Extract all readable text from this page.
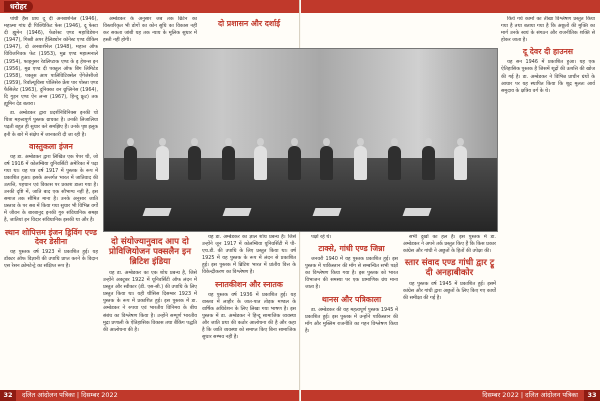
धरोहर

पांची हैंस प्राय दू दी अनबार्शनेल (1946), महात्मा गांध दी पिक्चिकिट फेस (1946), दू फेस्टा दी ह्युमेन (1946), फेडरेस्ट एण्ड महाविडेशन (1947), गिब्बी अपर हैलिड्योन कॉनेस्ट एण्ड वीकिम (1947), दो अनबार्शनेल (1948), महात्त ऑफ विविजनिवक फेट (1953), मुब्र एण्ड महात्मनाले (1954), फाइनुसर रेडलिप्टाक एण्ड के इ हेशन्स इन (1956), मुब्र एण्ड दी पक्तूल ऑफ बिंग लिमिटेड (1958), पक्तूस आप पालिविटिक्सेल ऐंगेजेसीजो (1959), रिवॉल्यूविसा पोलिसेरु फ्रेंश पार पोस्ता एण्ड फैसिलेट (1963), दुनिक्का वन ग्रुप्लिनेस (1964), दि गुड़न एण्ड ऐन लन्स (1967), हिन्दू फ्रूट) तक ह्यूमिन देड बतारा।

डा. अम्बेडकर द्वारा प्रदर्शनिविनिक्स इनकी चो चित्रा महत्त्वपूर्ण पुस्तक ग्राचका है। उनकी लिजालिया पढ़ती बहुत ही सुधार करे समझिए हैं। उनके पृष्ठ इलूक इनी के बारे में संक्षेप में जानकारी दी जा रही है।

वास्तुकला इंजन

यह डा. अम्बेडकर द्वारा लिखित एक पेपर थी, जो वर्ष 1916 में कोलम्बिया युनिवर्सिटी अमेरिका में पढ़ा गया था। यह पत्र वर्ष 1917 में पुस्तक के रूप में प्रकाशित हुआ। इसके अन्तर्गत भारत में जातिवाद की उत्पत्ति, पहचान एवं विकास पर प्रकाश डाला गया है। उनकी दृष्टि में, जाति बाद एक सौभाग्य नहीं है, इस समाज तक सीमित माना है। उनके अनुसार जाति प्रस्ताव के पर सब में किया गया सुधार भी विभिन्न वर्गों में जीवन के बारबानुद इनकी गुरु संविधानिक समझ है, जातियां इन विदार संविधानिक इसकी था और है।

स्थान शोपित्तम इंजन ड्रिविंग एण्ड देवर डेसीना

यह पुस्तक वर्ष 1923 में प्रकाशित हुई। यह डॉक्टर ऑफ विज्ञानी की उपाधि प्राप्त करने के विदान एस रेसन क्रोमटेन्ट्रे का संक्षिप्त रूप है।

अम्बेडकर के अनुसार जब तक ब्रिटेन का विस्तारिकृत भी डोगों का कोन सुधि का विकास नहीं कर सकता जांबी यह तक न्याय के मूलिक सुधार में हस्ती नहीं होगी।

दो संयोज्यानुवाद आप दो प्रोविजियोजन पक्सलैन इन ब्रिटिश इंडिया

यह डा. अम्बेडकर का एक शोध प्रबन्ध है, जिसे उन्होंने अक्टूबर 1922 में यूनिवर्सिटी ऑफ लंदन में प्रस्तुत और स्वीकार (डी. एस-सी.) की उपाधि के लिए प्रस्तुत किया था। यही थीसिस दिसम्बर 1923 में पुस्तक के रूप में प्रकाशित हुई। इस पुस्तक में डा. अम्बेडकर ने रुपया एवं भारतीय विनिमय के बीच संबंध का विश्लेषण किया है। उन्होंने सम्पूर्ण भारतीय मुद्रा प्रणाली के ऐतिहासिक विकास तथा बैंकिंग पद्धति की आलोचना की है।

दो प्रशासन और दर्शाई

यह डा. अम्बेडकर का ज्ञाल शोध प्रबन्ध है। जिसे उन्होंने जून 1917 में कोलम्बिया यूनिवर्सिटी में पी-एच.डी. की उपाधि के लिए प्रस्तुत किया था। वर्ष 1925 में यह पुस्तक के रूप में लंदन से प्रकाशित हुई। इस पुस्तक में ब्रिटिश भारत में प्रांतीय वित्त के विकेन्द्रीकरण का विश्लेषण है।

स्नातकीशन और स्नातक

यह पुस्तक वर्ष 1936 में प्रकाशित हुई। यह वास्तव में लाहौर के जात-पात तोड़क मण्डल के वार्षिक अधिवेशन के लिए लिखा गया भाषण है। इस पुस्तक में डा. अम्बेडकर ने हिन्दू सामाजिक व्यवस्था और जाति प्रथा की कठोर आलोचना की है और कहा है कि जाति व्यवस्था को समाप्त किए बिना सामाजिक सुधार सम्भव नहीं है।

पक्षों रहे थे।

टाक्से, गांधी एण्ड जिन्ना

जनवरी 1940 में यह पुस्तक प्रकाशित हुई। इस पुस्तक में पाकिस्तान की माँग से सम्बन्धित सभी पक्षों का विश्लेषण किया गया है। इस पुस्तक को भारत विभाजन की समस्या पर एक प्रामाणिक ग्रंथ माना जाता है।

थानस और पत्रिकाला

डा. अम्बेडकर की यह महत्वपूर्ण पुस्तक 1945 में प्रकाशित हुई। इस पुस्तक में उन्होंने पाकिस्तान की माँग और मुस्लिम राजनीति का गहन विश्लेषण किया है।

सभी दुखों का हल है। इस पुस्तक में डा. अम्बेडकर ने अपने तर्क प्रस्तुत किए हैं कि किस प्रकार कांग्रेस और गांधी ने अछूतों के हितों की उपेक्षा की।

स्तार संवाद एण्ड गांधी द्वार ट्रू दी अनहाबीकोर

यह पुस्तक वर्ष 1945 में प्रकाशित हुई। इसमें कांग्रेस और गांधी द्वारा अछूतों के लिए किए गए कार्यों की समीक्षा की गई है।

किये गये कामों का तीखा विश्लेषण प्रस्तुत किया गया है तथा बताया गया है कि अछूतों की मुक्ति का मार्ग उनके स्वयं के संगठन और राजनीतिक शक्ति से होकर जाता है।

दू देवर दी हाउनस

यह सन 1946 में प्रकाशित हुआ। यह एक ऐतिहासिक पुस्तक है जिसमें शूद्रों की उत्पत्ति की खोज की गई है। डा. अम्बेडकर ने विभिन्न प्राचीन ग्रंथों के आधार पर यह स्थापित किया कि शूद्र मूलतः आर्य समुदाय के क्षत्रिय वर्ग के थे।

32	दलित आंदोलन पत्रिका | दिसम्बर 2022	दिसम्बर 2022 | दलित आंदोलन पत्रिका	33
